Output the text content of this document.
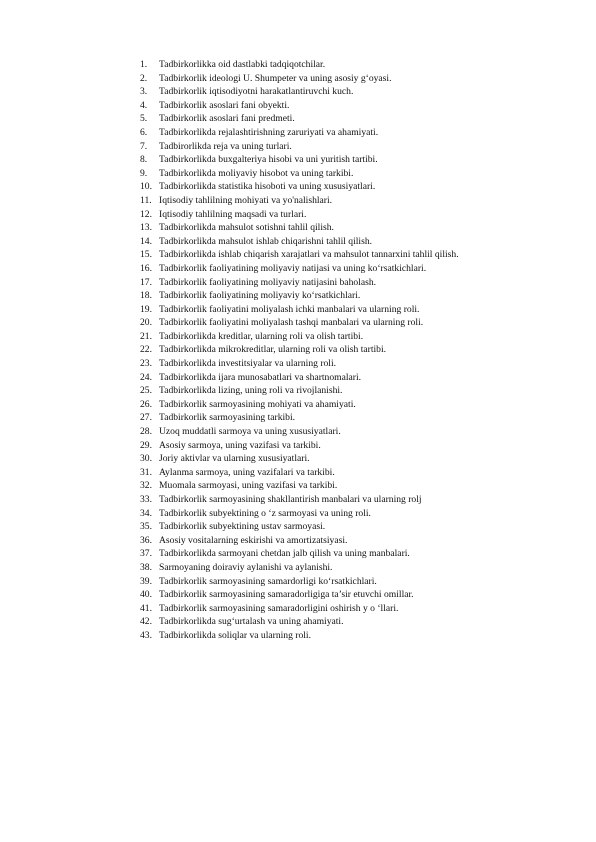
1. Tadbirkorlikka oid dastlabki tadqiqotchilar.
2. Tadbirkorlik ideologi U. Shumpeter va uning asosiy g‘oyasi.
3. Tadbirkorlik iqtisodiyotni harakatlantiruvchi kuch.
4. Tadbirkorlik asoslari fani obyekti.
5. Tadbirkorlik asoslari fani predmeti.
6. Tadbirkorlikda rejalashtirishning zaruriyati va ahamiyati.
7. Tadbirorlikda reja va uning turlari.
8. Tadbirkorlikda buxgalteriya hisobi va uni yuritish tartibi.
9. Tadbirkorlikda moliyaviy hisobot va uning tarkibi.
10. Tadbirkorlikda statistika hisoboti va uning xususiyatlari.
11. Iqtisodiy tahlilning mohiyati va yo'nalishlari.
12. Iqtisodiy tahlilning maqsadi va turlari.
13. Tadbirkorlikda mahsulot sotishni tahlil qilish.
14. Tadbirkorlikda mahsulot ishlab chiqarishni tahlil qilish.
15. Tadbirkorlikda ishlab chiqarish xarajatlari va mahsulot tannarxini tahlil qilish.
16. Tadbirkorlik faoliyatining moliyaviy natijasi va uning ko‘rsatkichlari.
17. Tadbirkorlik faoliyatining moliyaviy natijasini baholash.
18. Tadbirkorlik faoliyatining moliyaviy ko‘rsatkichlari.
19. Tadbirkorlik faoliyatini moliyalash ichki manbalari va ularning roli.
20. Tadbirkorlik faoliyatini moliyalash tashqi manbalari va ularning roli.
21. Tadbirkorlikda kreditlar, ularning roli va olish tartibi.
22. Tadbirkorlikda mikrokreditlar, ularning roli va olish tartibi.
23. Tadbirkorlikda investitsiyalar va ularning roli.
24. Tadbirkorlikda ijara munosabatlari va shartnomalari.
25. Tadbirkorlikda lizing, uning roli va rivojlanishi.
26. Tadbirkorlik sarmoyasining mohiyati va ahamiyati.
27. Tadbirkorlik sarmoyasining tarkibi.
28. Uzoq muddatli sarmoya va uning xususiyatlari.
29. Asosiy sarmoya, uning vazifasi va tarkibi.
30. Joriy aktivlar va ularning xususiyatlari.
31. Aylanma sarmoya, uning vazifalari va tarkibi.
32. Muomala sarmoyasi, uning vazifasi va tarkibi.
33. Tadbirkorlik sarmoyasining shakllantirish manbalari va ularning rolj
34. Tadbirkorlik subyektining o ‘z sarmoyasi va uning roli.
35. Tadbirkorlik subyektining ustav sarmoyasi.
36. Asosiy vositalarning eskirishi va amortizatsiyasi.
37. Tadbirkorlikda sarmoyani chetdan jalb qilish va uning manbalari.
38. Sarmoyaning doiraviy aylanishi va aylanishi.
39. Tadbirkorlik sarmoyasining samardorligi ko‘rsatkichlari.
40. Tadbirkorlik sarmoyasining samaradorligiga ta’sir etuvchi omillar.
41. Tadbirkorlik sarmoyasining samaradorligini oshirish y o ‘llari.
42. Tadbirkorlikda sug‘urtalash va uning ahamiyati.
43. Tadbirkorlikda soliqlar va ularning roli.
